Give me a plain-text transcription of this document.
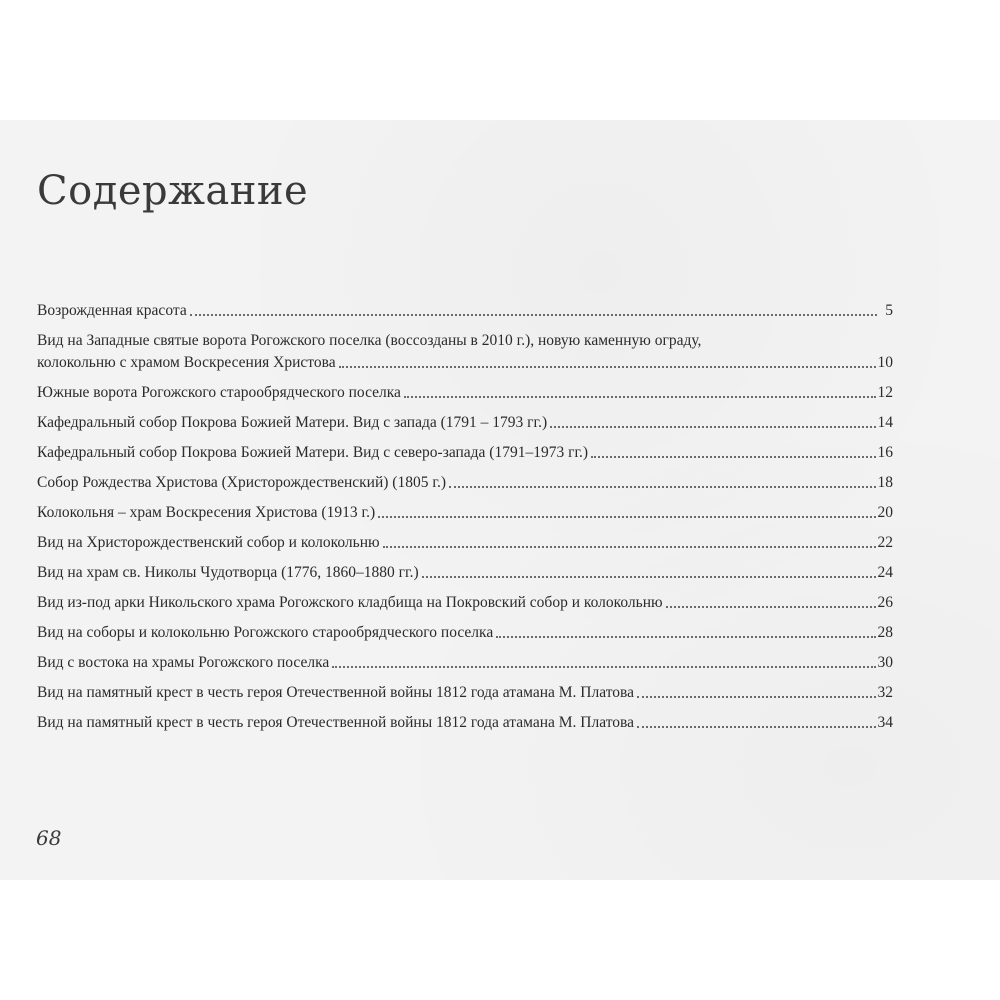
Содержание
Возрожденная красота	5
Вид на Западные святые ворота Рогожского поселка (воссозданы в 2010 г.), новую каменную ограду,
колокольню с храмом Воскресения Христова	10
Южные ворота Рогожского старообрядческого поселка	12
Кафедральный собор Покрова Божией Матери. Вид с запада (1791 – 1793 гг.)	14
Кафедральный собор Покрова Божией Матери. Вид с северо-запада (1791–1973 гг.)	16
Собор Рождества Христова (Христорождественский) (1805 г.)	18
Колокольня – храм Воскресения Христова (1913 г.)	20
Вид на Христорождественский собор и колокольню	22
Вид на храм св. Николы Чудотворца (1776, 1860–1880 гг.)	24
Вид из-под арки Никольского храма Рогожского кладбища на Покровский собор и колокольню	26
Вид на соборы и колокольню Рогожского старообрядческого поселка	28
Вид с востока на храмы Рогожского поселка	30
Вид на памятный крест в честь героя Отечественной войны 1812 года атамана М. Платова	32
Вид на памятный крест в честь героя Отечественной войны 1812 года атамана М. Платова	34
68
